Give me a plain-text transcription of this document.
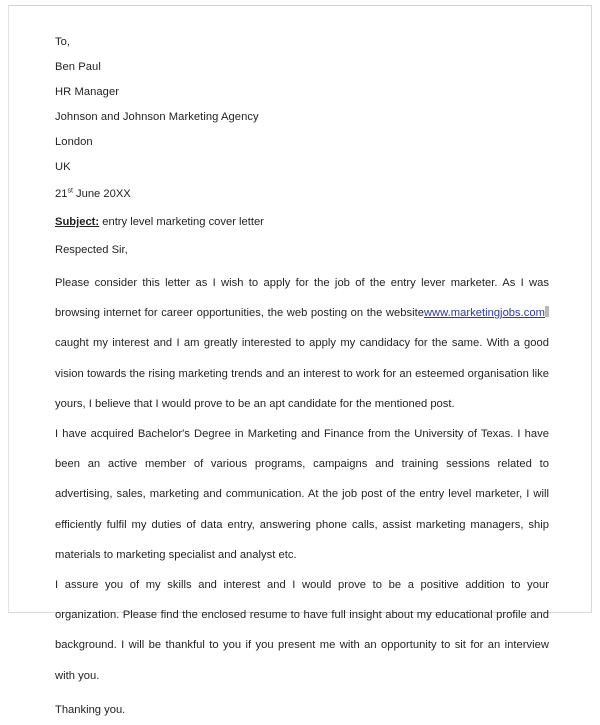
To,
Ben Paul
HR Manager
Johnson and Johnson Marketing Agency
London
UK
21st June 20XX
Subject: entry level marketing cover letter
Respected Sir,

Please consider this letter as I wish to apply for the job of the entry lever marketer. As I was browsing internet for career opportunities, the web posting on the websitewww.marketingjobs.comcaught my interest and I am greatly interested to apply my candidacy for the same. With a good vision towards the rising marketing trends and an interest to work for an esteemed organisation like yours, I believe that I would prove to be an apt candidate for the mentioned post.

I have acquired Bachelor's Degree in Marketing and Finance from the University of Texas. I have been an active member of various programs, campaigns and training sessions related to advertising, sales, marketing and communication. At the job post of the entry level marketer, I will efficiently fulfil my duties of data entry, answering phone calls, assist marketing managers, ship materials to marketing specialist and analyst etc.

I assure you of my skills and interest and I would prove to be a positive addition to your organization. Please find the enclosed resume to have full insight about my educational profile and background. I will be thankful to you if you present me with an opportunity to sit for an interview with you.

Thanking you.
